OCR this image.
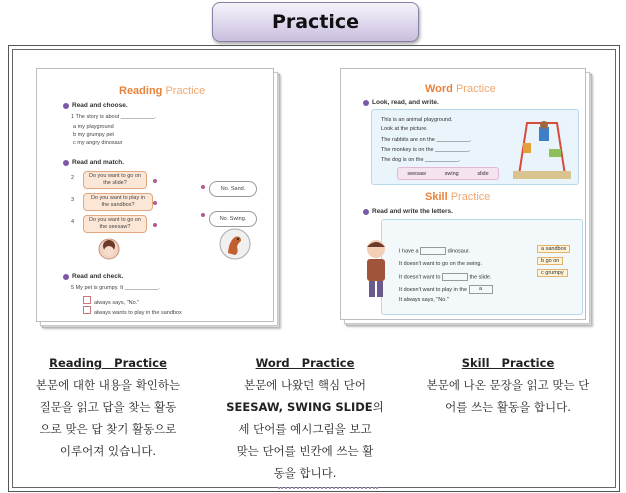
Practice
Reading Practice
Read and choose.
1 The story is about ___________.
a my playground
b my grumpy pet
c my angry dinosaur
Read and match.
2	Do you want to go on the slide?
3	Do you want to play in the sandbox?
4	Do you want to go on the seesaw?
No. Sand.
No. Swing.
Read and check.
5 My pet is grumpy. It ___________.
always says, "No."
always wants to play in the sandbox
Word Practice
Look, read, and write.
This is an animal playground.
Look at the picture.
The rabbits are on the ___________.
The monkey is on the ___________.
The dog is on the ___________.
seesaw	swing	slide
Skill Practice
Read and write the letters.
I have a	dinosaur.
It doesn't want to go on the swing.
It doesn't want to	the slide.
It doesn't want to play in the a
It always says, "No."
a sandbox
b go on
c grumpy
Reading Practice
본문에 대한 내용을 확인하는
질문을 읽고 답을 찾는 활동
으로 맞은 답 찾기 활동으로
이루어져 있습니다.
Word Practice
본문에 나왔던 핵심 단어
SEESAW, SWING SLIDE의
세 단어를 예시그림을 보고
맞는 단어를 빈칸에 쓰는 활
동을 합니다.
Skill Practice
본문에 나온 문장을 읽고 맞는 단
어를 쓰는 활동을 합니다.
